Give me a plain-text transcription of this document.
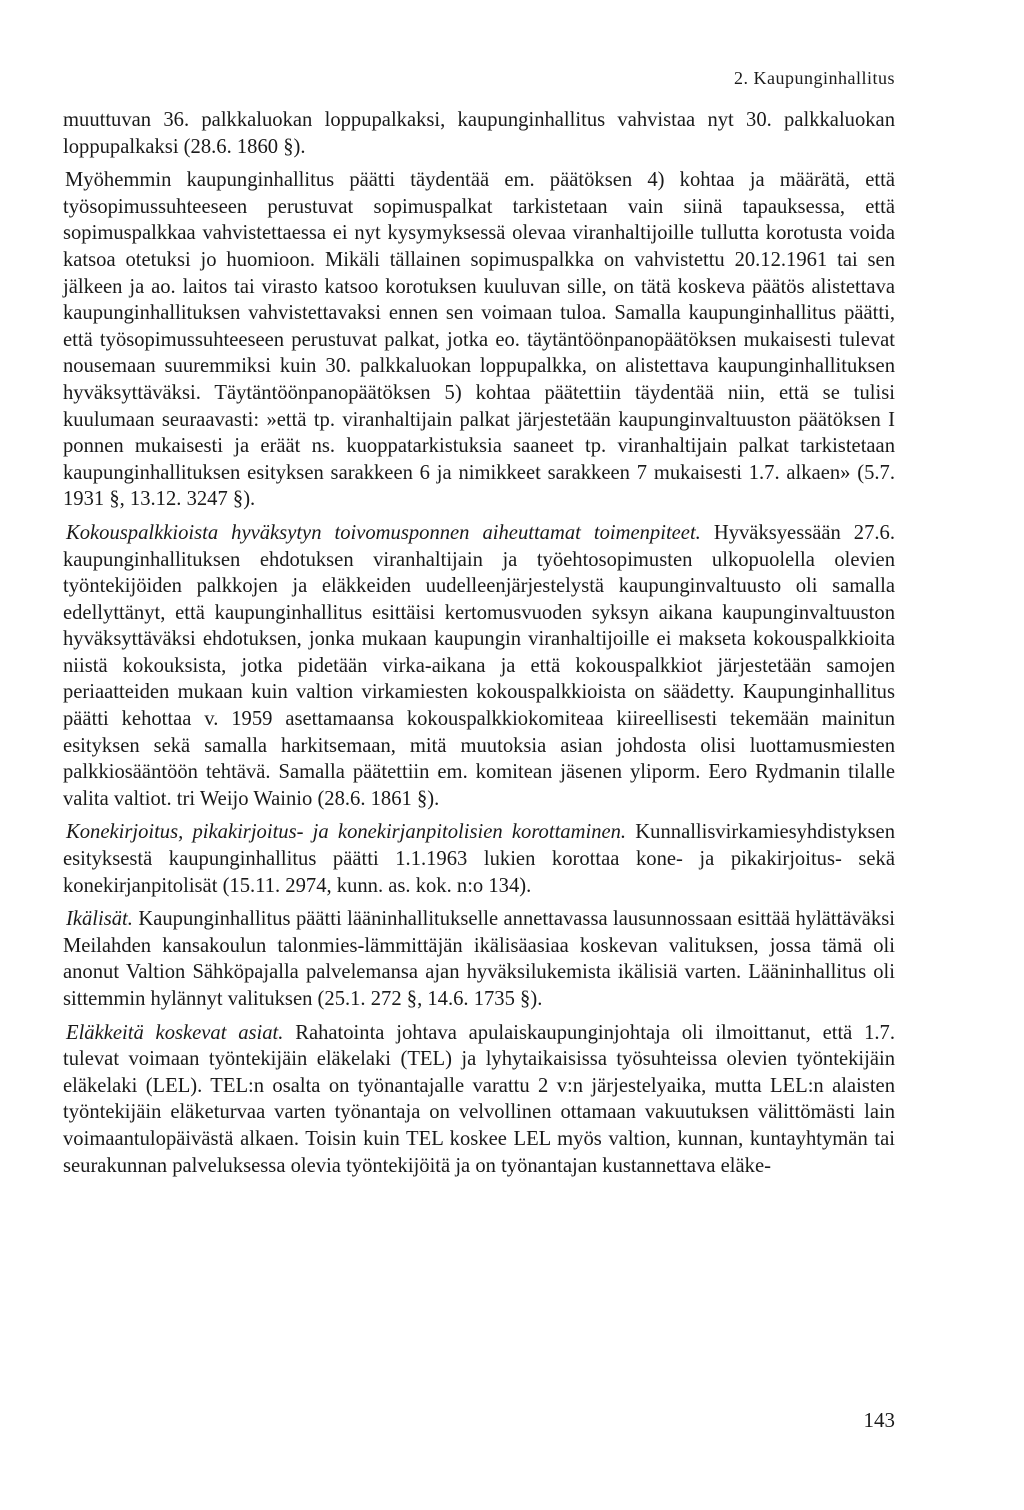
2. Kaupunginhallitus

muuttuvan 36. palkkaluokan loppupalkaksi, kaupunginhallitus vahvistaa nyt 30. palkkaluokan loppupalkaksi (28.6. 1860 §).

Myöhemmin kaupunginhallitus päätti täydentää em. päätöksen 4) kohtaa ja määrätä, että työsopimussuhteeseen perustuvat sopimuspalkat tarkistetaan vain siinä tapauksessa, että sopimuspalkkaa vahvistettaessa ei nyt kysymyksessä olevaa viranhaltijoille tullutta korotusta voida katsoa otetuksi jo huomioon. Mikäli tällainen sopimuspalkka on vahvistettu 20.12.1961 tai sen jälkeen ja ao. laitos tai virasto katsoo korotuksen kuuluvan sille, on tätä koskeva päätös alistettava kaupunginhallituksen vahvistettavaksi ennen sen voimaan tuloa. Samalla kaupunginhallitus päätti, että työsopimussuhteeseen perustuvat palkat, jotka eo. täytäntöönpanopäätöksen mukaisesti tulevat nousemaan suuremmiksi kuin 30. palkkaluokan loppupalkka, on alistettava kaupunginhallituksen hyväksyttäväksi. Täytäntöönpanopäätöksen 5) kohtaa päätettiin täydentää niin, että se tulisi kuulumaan seuraavasti: »että tp. viranhaltijain palkat järjestetään kaupunginvaltuuston päätöksen I ponnen mukaisesti ja eräät ns. kuoppatarkistuksia saaneet tp. viranhaltijain palkat tarkistetaan kaupunginhallituksen esityksen sarakkeen 6 ja nimikkeet sarakkeen 7 mukaisesti 1.7. alkaen» (5.7. 1931 §, 13.12. 3247 §).

Kokouspalkkioista hyväksytyn toivomusponnen aiheuttamat toimenpiteet. Hyväksyessään 27.6. kaupunginhallituksen ehdotuksen viranhaltijain ja työehtosopimusten ulkopuolella olevien työntekijöiden palkkojen ja eläkkeiden uudelleenjärjestelystä kaupunginvaltuusto oli samalla edellyttänyt, että kaupunginhallitus esittäisi kertomusvuoden syksyn aikana kaupunginvaltuuston hyväksyttäväksi ehdotuksen, jonka mukaan kaupungin viranhaltijoille ei makseta kokouspalkkioita niistä kokouksista, jotka pidetään virka-aikana ja että kokouspalkkiot järjestetään samojen periaatteiden mukaan kuin valtion virkamiesten kokouspalkkioista on säädetty. Kaupunginhallitus päätti kehottaa v. 1959 asettamaansa kokouspalkkiokomiteaa kiireellisesti tekemään mainitun esityksen sekä samalla harkitsemaan, mitä muutoksia asian johdosta olisi luottamusmiesten palkkiosääntöön tehtävä. Samalla päätettiin em. komitean jäsenen yliporm. Eero Rydmanin tilalle valita valtiot. tri Weijo Wainio (28.6. 1861 §).

Konekirjoitus, pikakirjoitus- ja konekirjanpitolisien korottaminen. Kunnallisvirkamiesyhdistyksen esityksestä kaupunginhallitus päätti 1.1.1963 lukien korottaa kone- ja pikakirjoitus- sekä konekirjanpitolisät (15.11. 2974, kunn. as. kok. n:o 134).

Ikälisät. Kaupunginhallitus päätti lääninhallitukselle annettavassa lausunnossaan esittää hylättäväksi Meilahden kansakoulun talonmies-lämmittäjän ikälisäasiaa koskevan valituksen, jossa tämä oli anonut Valtion Sähköpajalla palvelemansa ajan hyväksilukemista ikälisiä varten. Lääninhallitus oli sittemmin hylännyt valituksen (25.1. 272 §, 14.6. 1735 §).

Eläkkeitä koskevat asiat. Rahatointa johtava apulaiskaupunginjohtaja oli ilmoittanut, että 1.7. tulevat voimaan työntekijäin eläkelaki (TEL) ja lyhytaikaisissa työsuhteissa olevien työntekijäin eläkelaki (LEL). TEL:n osalta on työnantajalle varattu 2 v:n järjestelyaika, mutta LEL:n alaisten työntekijäin eläketurvaa varten työnantaja on velvollinen ottamaan vakuutuksen välittömästi lain voimaantulopäivästä alkaen. Toisin kuin TEL koskee LEL myös valtion, kunnan, kuntayhtymän tai seurakunnan palveluksessa olevia työntekijöitä ja on työnantajan kustannettava eläke-

143
